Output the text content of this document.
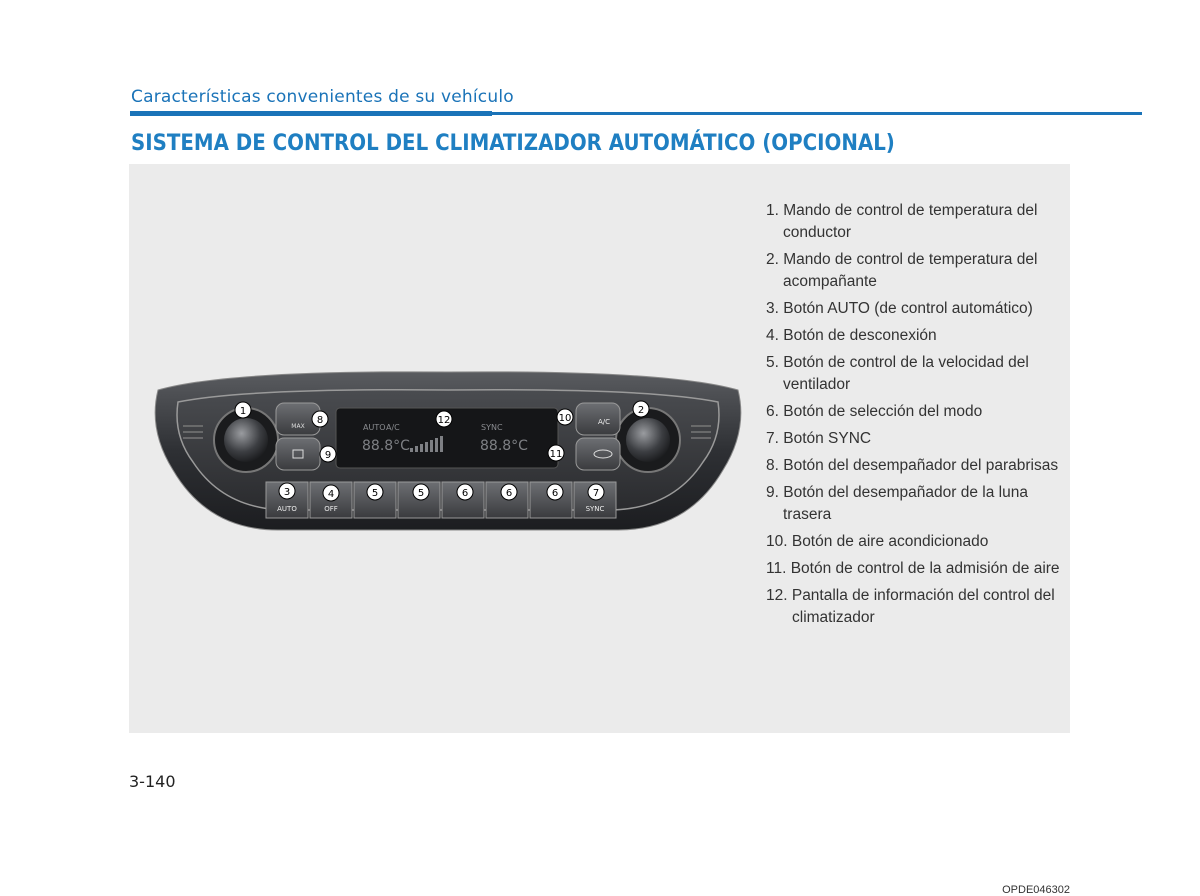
Características convenientes de su vehículo
SISTEMA DE CONTROL DEL CLIMATIZADOR AUTOMÁTICO (OPCIONAL)
MAX
A/C
AUTO A/C	SYNC
88.8°C	88.8°C
AUTO	OFF	SYNC
1	2
3	4	5	5	6	6	6	7
8
9
10
11
12
1. Mando de control de temperatura del conductor
2. Mando de control de temperatura del acompañante
3. Botón AUTO (de control automático)
4. Botón de desconexión
5. Botón de control de la velocidad del ventilador
6. Botón de selección del modo
7. Botón SYNC
8. Botón del desempañador del parabrisas
9. Botón del desempañador de la luna trasera
10. Botón de aire acondicionado
11. Botón de control de la admisión de aire
12. Pantalla de información del control del climatizador
OPDE046302
3-140
